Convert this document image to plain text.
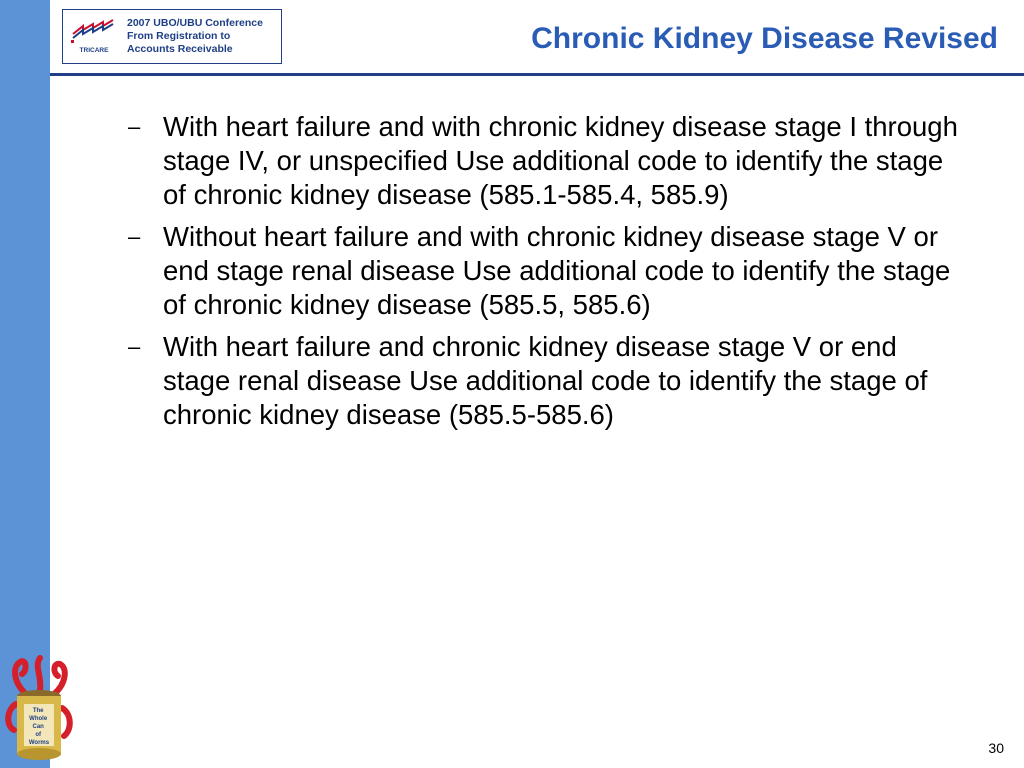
TRICARE
2007 UBO/UBU Conference
From Registration to
Accounts Receivable	Chronic Kidney Disease Revised
– With heart failure and with chronic kidney disease stage I through stage IV, or unspecified Use additional code to identify the stage of chronic kidney disease (585.1-585.4, 585.9)
– Without heart failure and with chronic kidney disease stage V or end stage renal disease Use additional code to identify the stage of chronic kidney disease (585.5, 585.6)
– With heart failure and chronic kidney disease stage V or end stage renal disease Use additional code to identify the stage of chronic kidney disease (585.5-585.6)
The Whole Can of Worms	30
